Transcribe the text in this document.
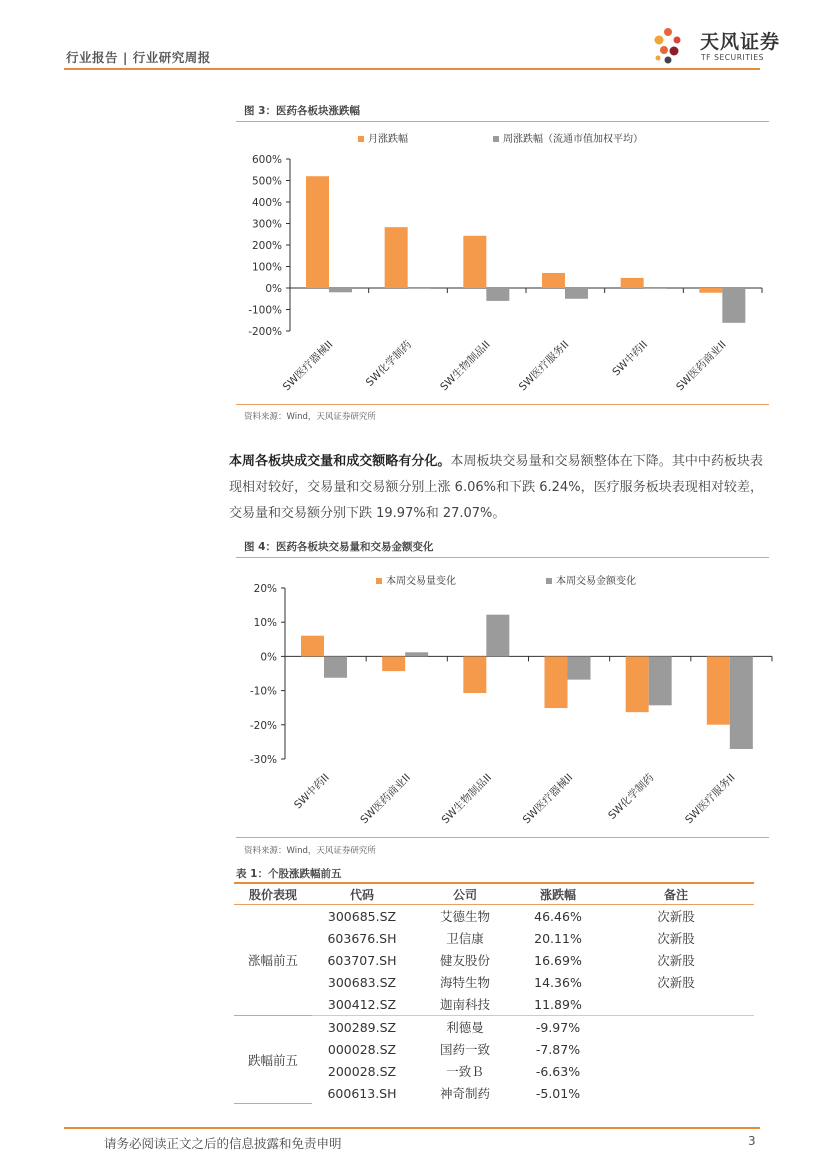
行业报告 | 行业研究周报
天风证券
TF SECURITIES
图 3：医药各板块涨跌幅
月涨跌幅	周涨跌幅（流通市值加权平均）
-200%
-100%
0%
100%
200%
300%
400%
500%
600%
SW医疗器械II	SW化学制药 SW生物制品II SW医疗服务II	SW中药II SW医药商业II
资料来源：Wind，天风证券研究所
本周各板块成交量和成交额略有分化。本周板块交易量和交易额整体在下降。其中中药板块表现相对较好，交易量和交易额分别上涨 6.06%和下跌 6.24%，医疗服务板块表现相对较差，交易量和交易额分别下跌 19.97%和 27.07%。
图 4：医药各板块交易量和交易金额变化
本周交易量变化	本周交易金额变化
-30%
-20%
-10%
0%
10%
20%
SW中药II	SW医药商业II	SW生物制品II	SW医疗器械II	SW化学制药	SW医疗服务II
资料来源：Wind，天风证券研究所
表 1：个股涨跌幅前五
股价表现	代码	公司	涨跌幅	备注
涨幅前五	300685.SZ	艾德生物	46.46%	次新股
	603676.SH	卫信康	20.11%	次新股
	603707.SH	健友股份	16.69%	次新股
	300683.SZ	海特生物	14.36%	次新股
	300412.SZ	迦南科技	11.89%	
跌幅前五	300289.SZ	利德曼	-9.97%	
	000028.SZ	国药一致	-7.87%	
	200028.SZ	一致Ｂ	-6.63%	
	600613.SH	神奇制药	-5.01%	
请务必阅读正文之后的信息披露和免责申明	3
